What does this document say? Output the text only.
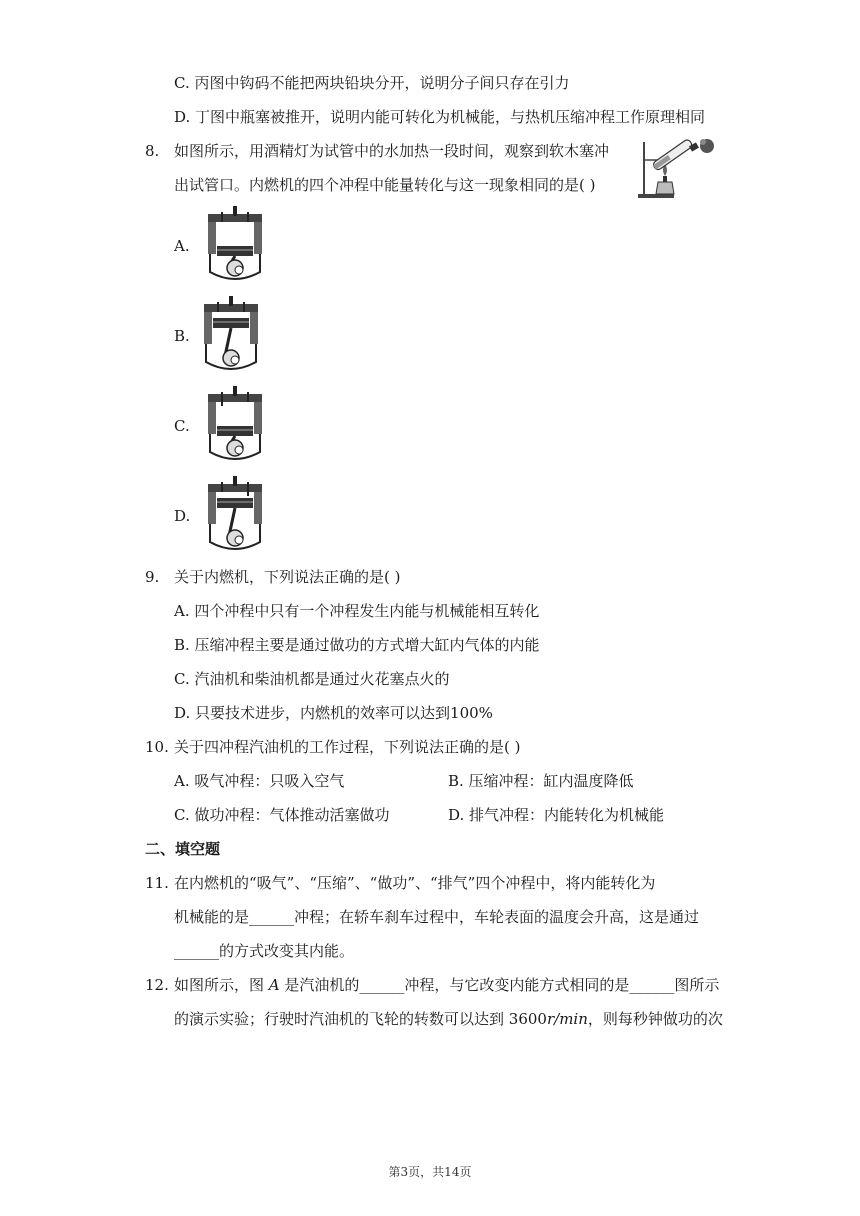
C. 丙图中钩码不能把两块铅块分开，说明分子间只存在引力
D. 丁图中瓶塞被推开，说明内能可转化为机械能，与热机压缩冲程工作原理相同
8. 如图所示，用酒精灯为试管中的水加热一段时间，观察到软木塞冲
出试管口。内燃机的四个冲程中能量转化与这一现象相同的是( )
A.
B.
C.
D.
9. 关于内燃机，下列说法正确的是( )
A. 四个冲程中只有一个冲程发生内能与机械能相互转化
B. 压缩冲程主要是通过做功的方式增大缸内气体的内能
C. 汽油机和柴油机都是通过火花塞点火的
D. 只要技术进步，内燃机的效率可以达到100%
10. 关于四冲程汽油机的工作过程，下列说法正确的是( )
A. 吸气冲程：只吸入空气	B. 压缩冲程：缸内温度降低
C. 做功冲程：气体推动活塞做功	D. 排气冲程：内能转化为机械能
二、填空题
11. 在内燃机的“吸气”、“压缩”、“做功”、“排气”四个冲程中，将内能转化为
机械能的是______冲程；在轿车刹车过程中，车轮表面的温度会升高，这是通过
______的方式改变其内能。
12. 如图所示，图 A 是汽油机的______冲程，与它改变内能方式相同的是______图所示
的演示实验；行驶时汽油机的飞轮的转数可以达到 3600r/min，则每秒钟做功的次
第3页，共14页
